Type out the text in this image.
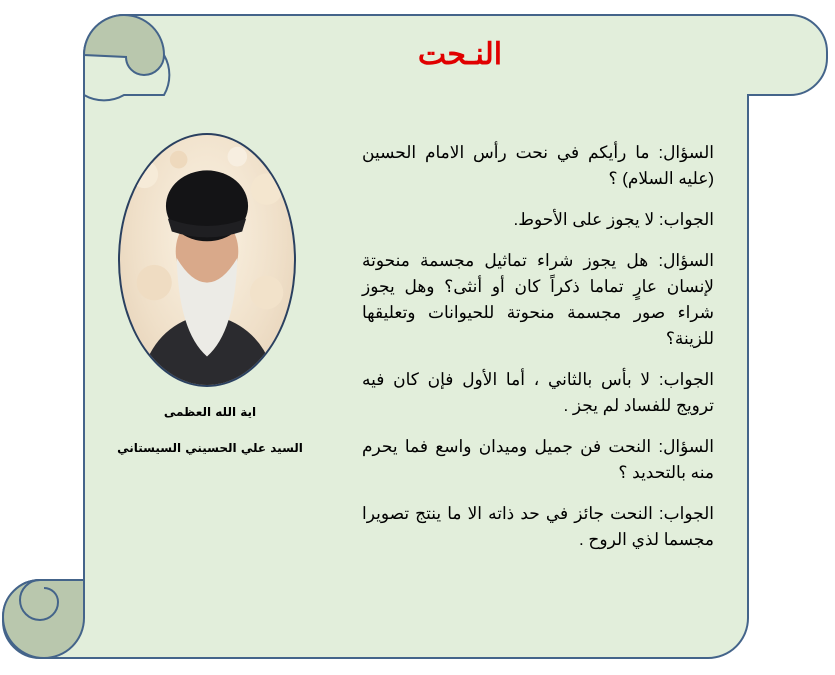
النـحت
اية الله العظمى
السيد علي الحسيني السيستاني

السؤال: ما رأيكم في نحت رأس الامام الحسين (عليه السلام) ؟

الجواب: لا يجوز على الأحوط.

السؤال: هل يجوز شراء تماثيل مجسمة منحوتة لإنسان عارٍ تماما ذكراً كان أو أنثى؟ وهل يجوز شراء صور مجسمة منحوتة للحيوانات وتعليقها للزينة؟

الجواب: لا بأس بالثاني ، أما الأول فإن كان فيه ترويج للفساد لم يجز .

السؤال: النحت فن جميل وميدان واسع فما يحرم منه بالتحديد ؟

الجواب: النحت جائز في حد ذاته الا ما ينتج تصويرا مجسما لذي الروح .
